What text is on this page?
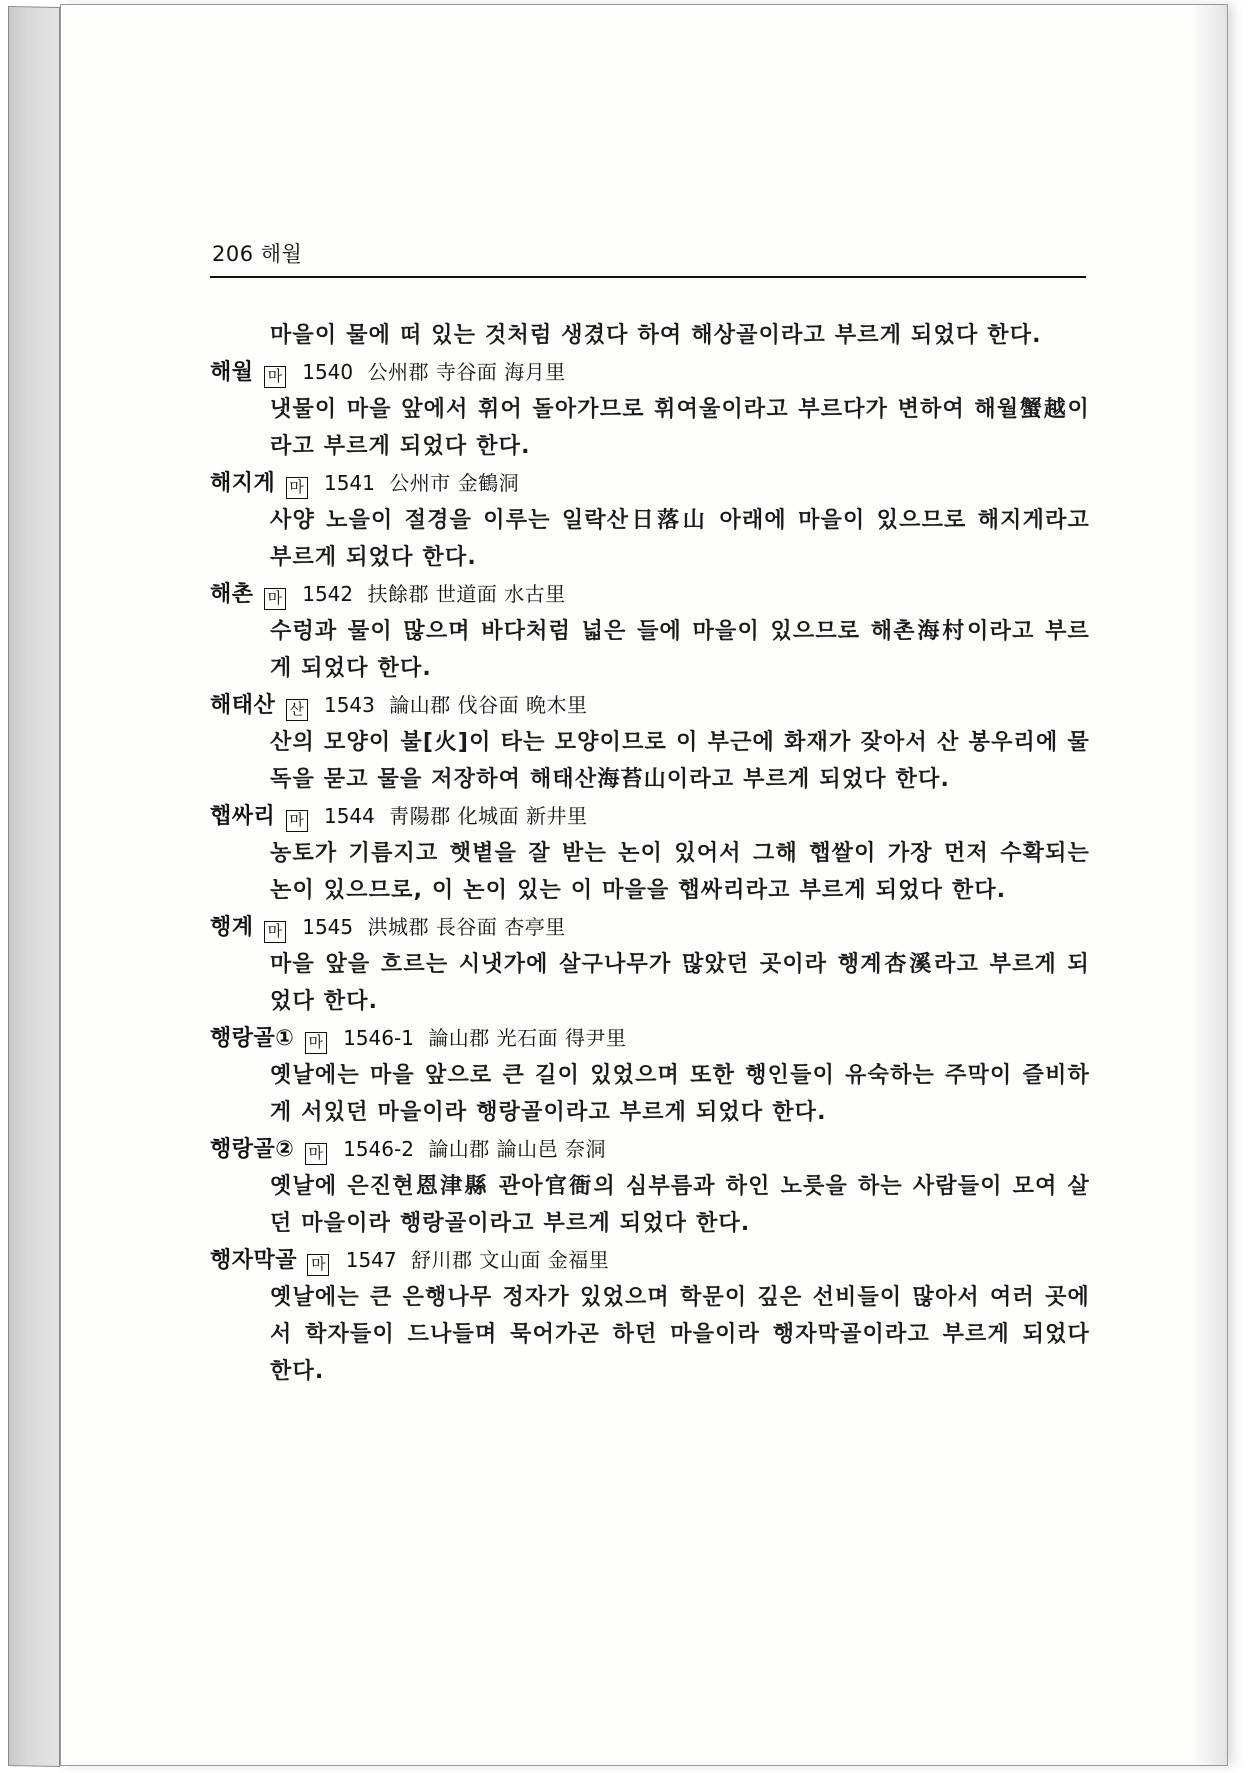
206 해월
마을이 물에 떠 있는 것처럼 생겼다 하여 해상골이라고 부르게 되었다 한다.
해월 마 1540 公州郡 寺谷面 海月里
냇물이 마을 앞에서 휘어 돌아가므로 휘여울이라고 부르다가 변하여 해월蟹越이라고 부르게 되었다 한다.
해지게 마 1541 公州市 金鶴洞
사양 노을이 절경을 이루는 일락산日落山 아래에 마을이 있으므로 해지게라고 부르게 되었다 한다.
해촌 마 1542 扶餘郡 世道面 水古里
수렁과 물이 많으며 바다처럼 넓은 들에 마을이 있으므로 해촌海村이라고 부르게 되었다 한다.
해태산 산 1543 論山郡 伐谷面 晩木里
산의 모양이 불[火]이 타는 모양이므로 이 부근에 화재가 잦아서 산 봉우리에 물독을 묻고 물을 저장하여 해태산海苔山이라고 부르게 되었다 한다.
햅싸리 마 1544 靑陽郡 化城面 新井里
농토가 기름지고 햇볕을 잘 받는 논이 있어서 그해 햅쌀이 가장 먼저 수확되는 논이 있으므로, 이 논이 있는 이 마을을 햅싸리라고 부르게 되었다 한다.
행계 마 1545 洪城郡 長谷面 杏亭里
마을 앞을 흐르는 시냇가에 살구나무가 많았던 곳이라 행계杏溪라고 부르게 되었다 한다.
행랑골① 마 1546-1 論山郡 光石面 得尹里
옛날에는 마을 앞으로 큰 길이 있었으며 또한 행인들이 유숙하는 주막이 즐비하게 서있던 마을이라 행랑골이라고 부르게 되었다 한다.
행랑골② 마 1546-2 論山郡 論山邑 奈洞
옛날에 은진현恩津縣 관아官衙의 심부름과 하인 노릇을 하는 사람들이 모여 살던 마을이라 행랑골이라고 부르게 되었다 한다.
행자막골 마 1547 舒川郡 文山面 金福里
옛날에는 큰 은행나무 정자가 있었으며 학문이 깊은 선비들이 많아서 여러 곳에서 학자들이 드나들며 묵어가곤 하던 마을이라 행자막골이라고 부르게 되었다 한다.
